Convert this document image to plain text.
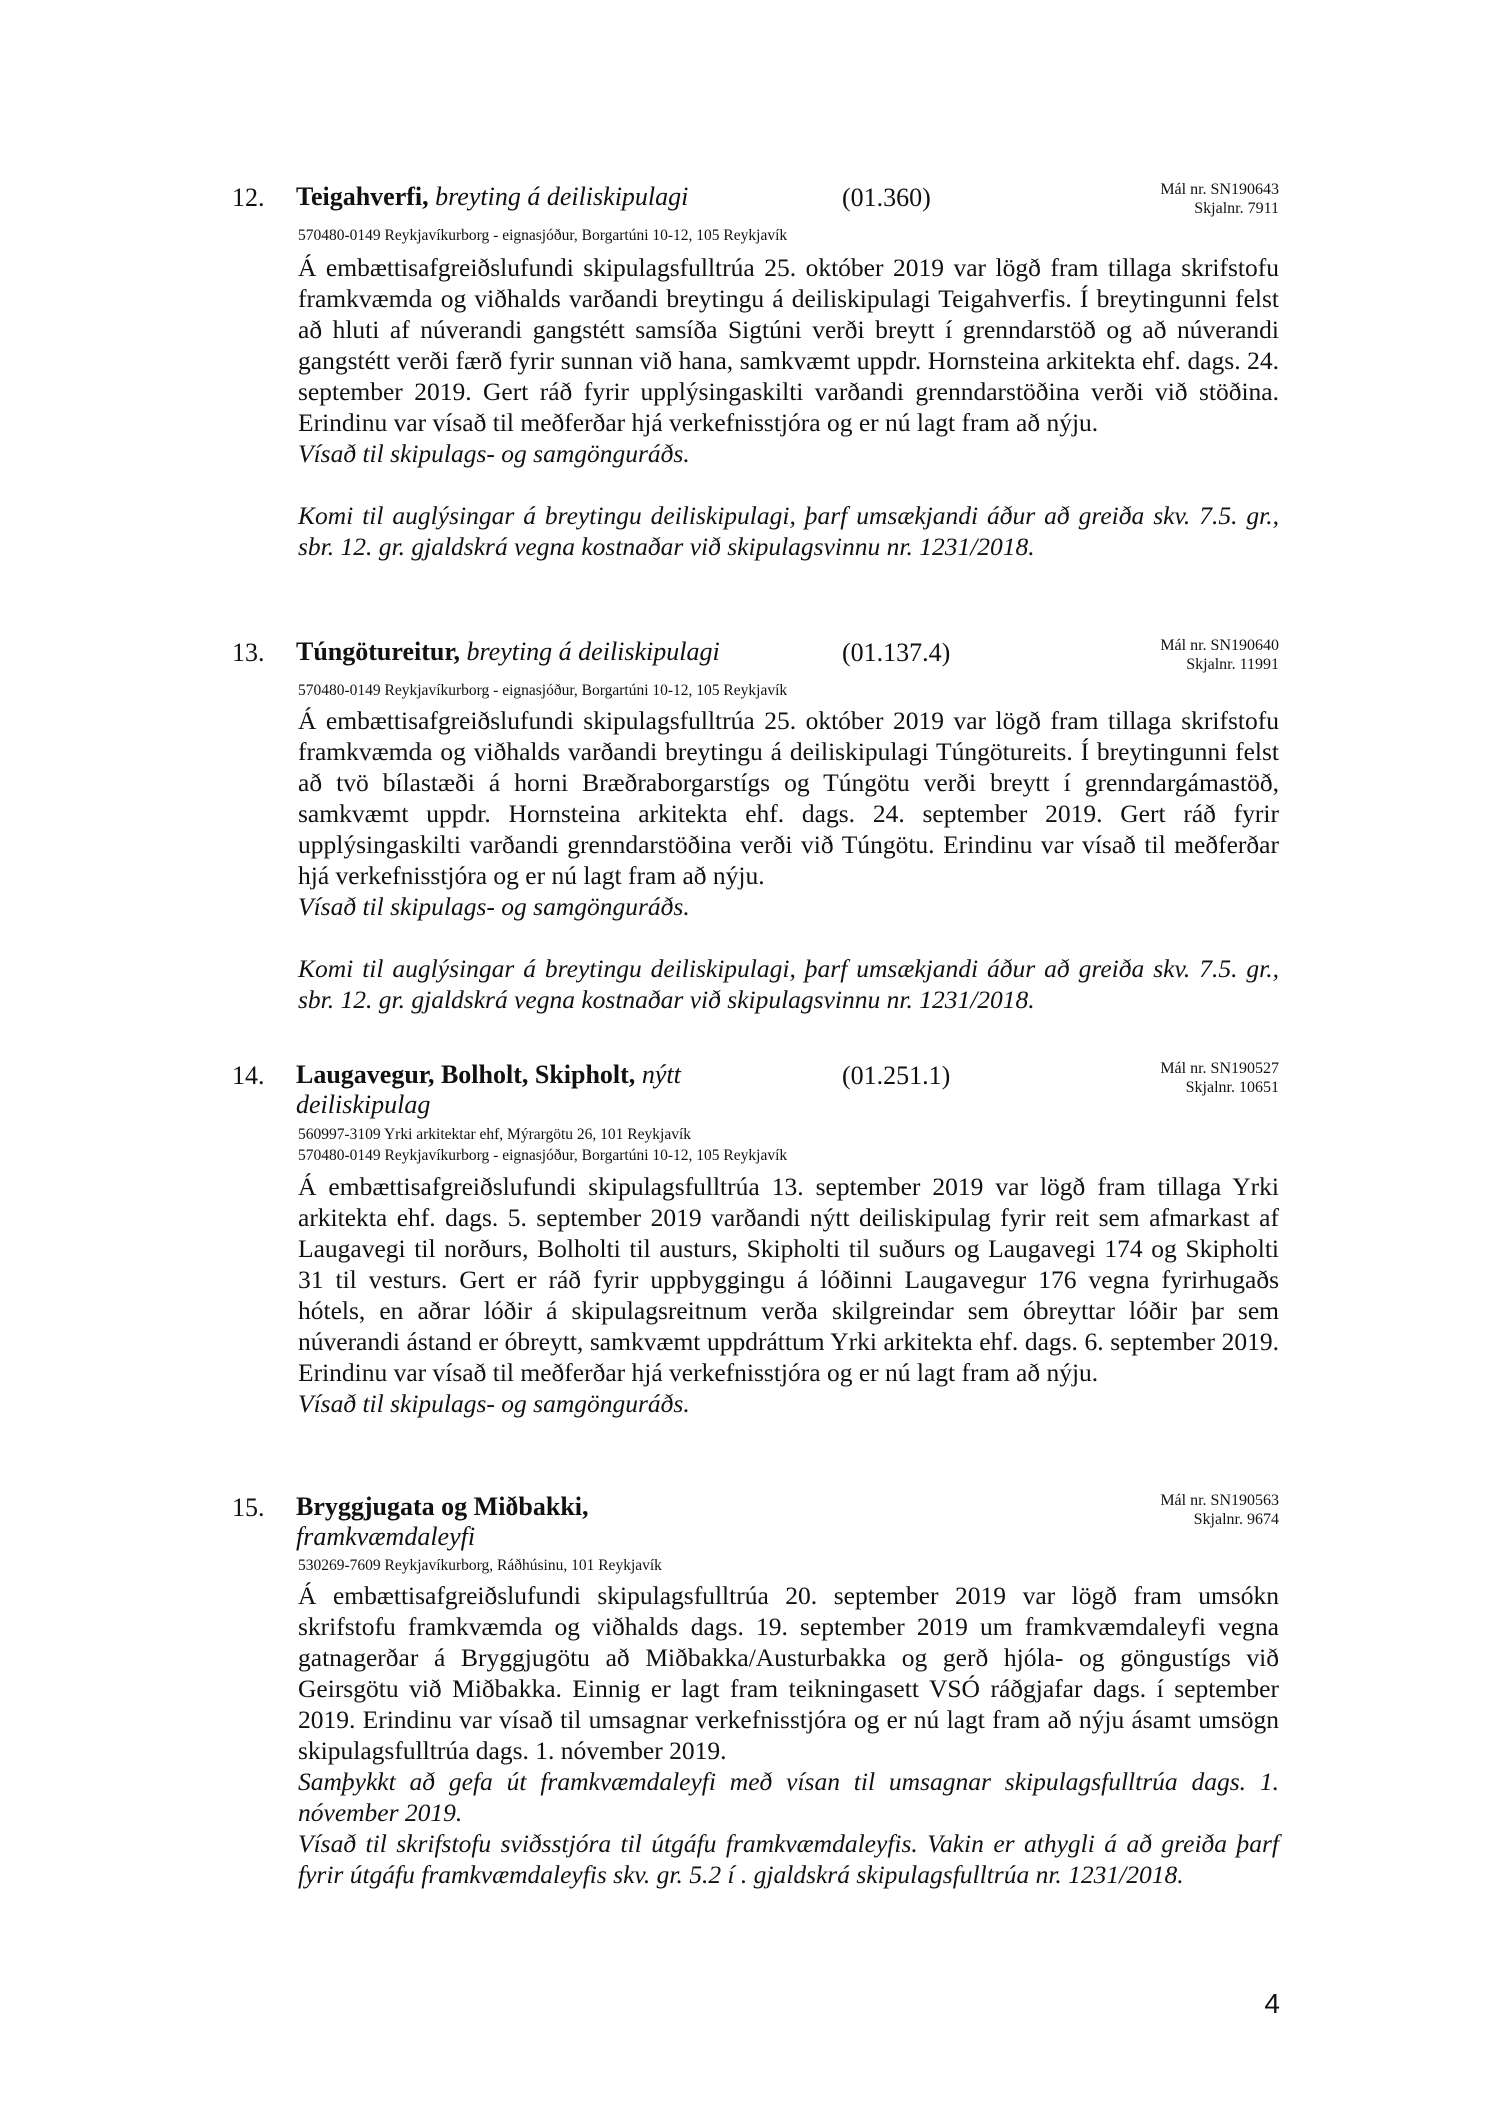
12. Teigahverfi, breyting á deiliskipulagi	(01.360)	Mál nr. SN190643
Skjalnr. 7911
570480-0149 Reykjavíkurborg - eignasjóður, Borgartúni 10-12, 105 Reykjavík

Á embættisafgreiðslufundi skipulagsfulltrúa 25. október 2019 var lögð fram tillaga skrifstofu framkvæmda og viðhalds varðandi breytingu á deiliskipulagi Teigahverfis. Í breytingunni felst að hluti af núverandi gangstétt samsíða Sigtúni verði breytt í grenndarstöð og að núverandi gangstétt verði færð fyrir sunnan við hana, samkvæmt uppdr. Hornsteina arkitekta ehf. dags. 24. september 2019. Gert ráð fyrir upplýsingaskilti varðandi grenndarstöðina verði við stöðina. Erindinu var vísað til meðferðar hjá verkefnisstjóra og er nú lagt fram að nýju.

Vísað til skipulags- og samgönguráðs.

Komi til auglýsingar á breytingu deiliskipulagi, þarf umsækjandi áður að greiða skv. 7.5. gr., sbr. 12. gr. gjaldskrá vegna kostnaðar við skipulagsvinnu nr. 1231/2018.

13. Túngötureitur, breyting á deiliskipulagi	(01.137.4)	Mál nr. SN190640
Skjalnr. 11991
570480-0149 Reykjavíkurborg - eignasjóður, Borgartúni 10-12, 105 Reykjavík

Á embættisafgreiðslufundi skipulagsfulltrúa 25. október 2019 var lögð fram tillaga skrifstofu framkvæmda og viðhalds varðandi breytingu á deiliskipulagi Túngötureits. Í breytingunni felst að tvö bílastæði á horni Bræðraborgarstígs og Túngötu verði breytt í grenndargámastöð, samkvæmt uppdr. Hornsteina arkitekta ehf. dags. 24. september 2019. Gert ráð fyrir upplýsingaskilti varðandi grenndarstöðina verði við Túngötu. Erindinu var vísað til meðferðar hjá verkefnisstjóra og er nú lagt fram að nýju.

Vísað til skipulags- og samgönguráðs.

Komi til auglýsingar á breytingu deiliskipulagi, þarf umsækjandi áður að greiða skv. 7.5. gr., sbr. 12. gr. gjaldskrá vegna kostnaðar við skipulagsvinnu nr. 1231/2018.

14. Laugavegur, Bolholt, Skipholt, nýtt deiliskipulag
(01.251.1)	Mál nr. SN190527
Skjalnr. 10651
560997-3109 Yrki arkitektar ehf, Mýrargötu 26, 101 Reykjavík
570480-0149 Reykjavíkurborg - eignasjóður, Borgartúni 10-12, 105 Reykjavík

Á embættisafgreiðslufundi skipulagsfulltrúa 13. september 2019 var lögð fram tillaga Yrki arkitekta ehf. dags. 5. september 2019 varðandi nýtt deiliskipulag fyrir reit sem afmarkast af Laugavegi til norðurs, Bolholti til austurs, Skipholti til suðurs og Laugavegi 174 og Skipholti 31 til vesturs. Gert er ráð fyrir uppbyggingu á lóðinni Laugavegur 176 vegna fyrirhugaðs hótels, en aðrar lóðir á skipulagsreitnum verða skilgreindar sem óbreyttar lóðir þar sem núverandi ástand er óbreytt, samkvæmt uppdráttum Yrki arkitekta ehf. dags. 6. september 2019. Erindinu var vísað til meðferðar hjá verkefnisstjóra og er nú lagt fram að nýju.

Vísað til skipulags- og samgönguráðs.

15. Bryggjugata og Miðbakki, framkvæmdaleyfi
Mál nr. SN190563
Skjalnr. 9674
530269-7609 Reykjavíkurborg, Ráðhúsinu, 101 Reykjavík

Á embættisafgreiðslufundi skipulagsfulltrúa 20. september 2019 var lögð fram umsókn skrifstofu framkvæmda og viðhalds dags. 19. september 2019 um framkvæmdaleyfi vegna gatnagerðar á Bryggjugötu að Miðbakka/Austurbakka og gerð hjóla- og göngustígs við Geirsgötu við Miðbakka. Einnig er lagt fram teikningasett VSÓ ráðgjafar dags. í september 2019. Erindinu var vísað til umsagnar verkefnisstjóra og er nú lagt fram að nýju ásamt umsögn skipulagsfulltrúa dags. 1. nóvember 2019.

Samþykkt að gefa út framkvæmdaleyfi með vísan til umsagnar skipulagsfulltrúa dags. 1. nóvember 2019.

Vísað til skrifstofu sviðsstjóra til útgáfu framkvæmdaleyfis. Vakin er athygli á að greiða þarf fyrir útgáfu framkvæmdaleyfis skv. gr. 5.2 í . gjaldskrá skipulagsfulltrúa nr. 1231/2018.

4
